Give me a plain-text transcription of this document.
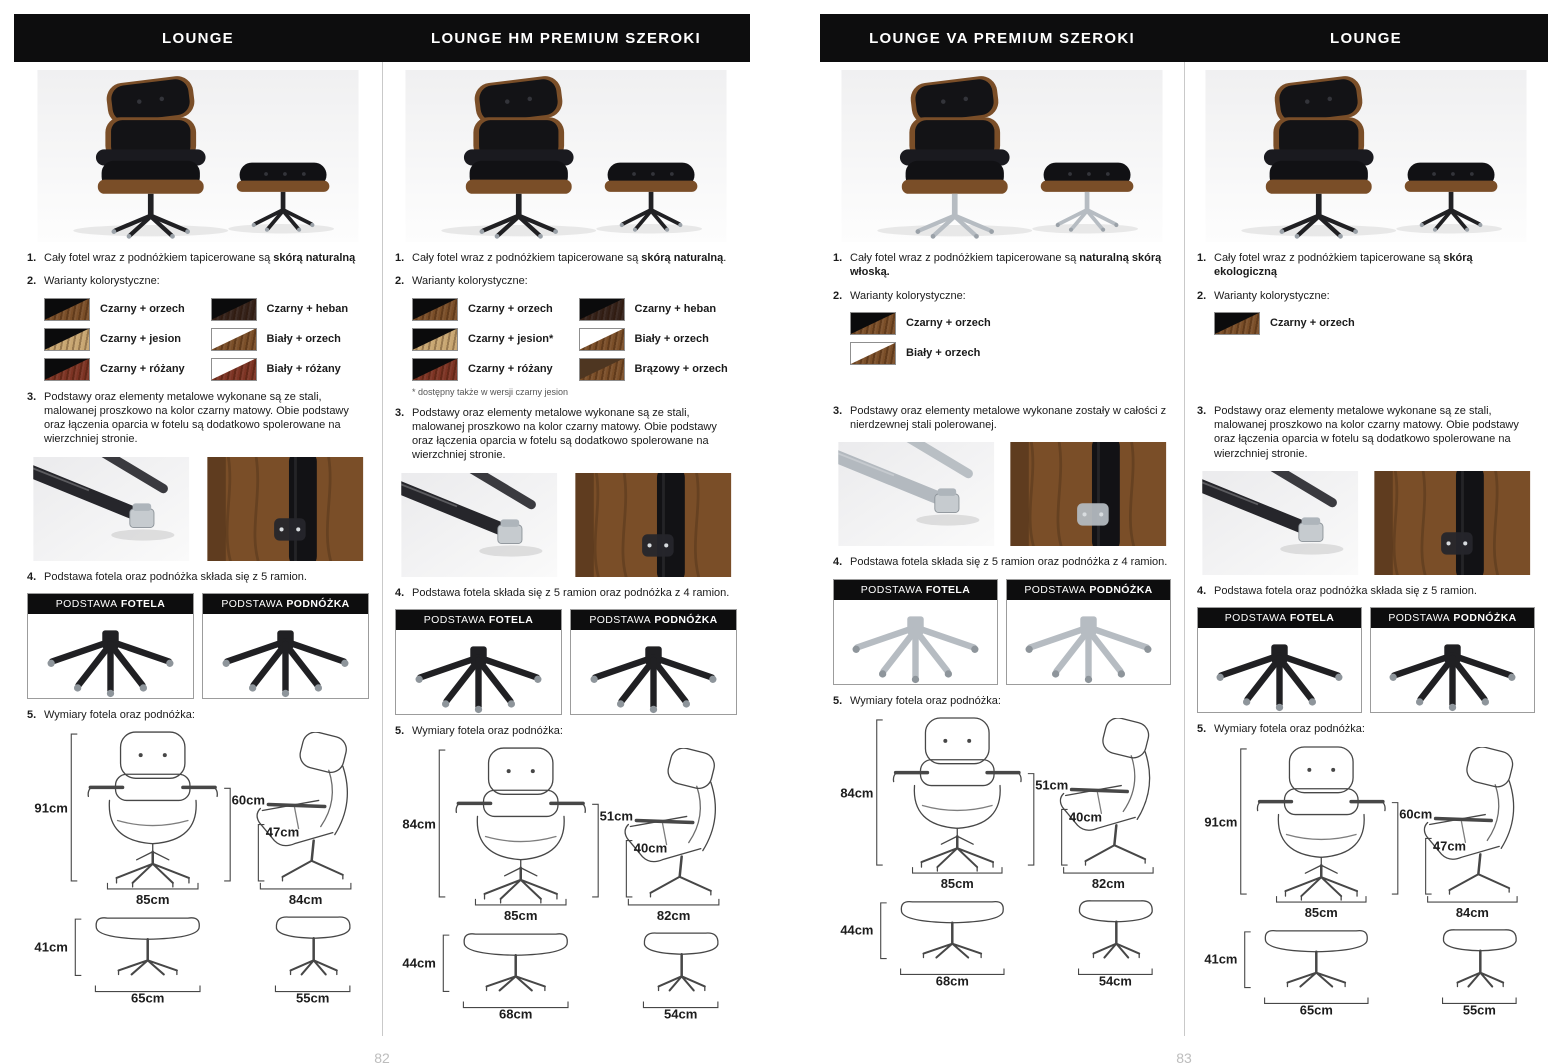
LOUNGE	LOUNGE HM PREMIUM SZEROKI
1. Cały fotel wraz z podnóżkiem tapicerowane są skórą naturalną
2. Warianty kolorystyczne:
Czarny + orzech	Czarny + heban
Czarny + jesion	Biały + orzech
Czarny + różany	Biały + różany
3. Podstawy oraz elementy metalowe wykonane są ze stali, malowanej proszkowo na kolor czarny matowy. Obie podstawy oraz łączenia oparcia w fotelu są dodatkowo spolerowane na wierzchniej stronie.
4. Podstawa fotela oraz podnóżka składa się z 5 ramion.
PODSTAWA FOTELA	PODSTAWA PODNÓŻKA
5. Wymiary fotela oraz podnóżka:
91cm
85cm
60cm
47cm
84cm
41cm
65cm	55cm
1. Cały fotel wraz z podnóżkiem tapicerowane są skórą naturalną.
2. Warianty kolorystyczne:
Czarny + orzech	Czarny + heban
Czarny + jesion*	Biały + orzech
Czarny + różany	Brązowy + orzech
* dostępny także w wersji czarny jesion
3. Podstawy oraz elementy metalowe wykonane są ze stali, malowanej proszkowo na kolor czarny matowy. Obie podstawy oraz łączenia oparcia w fotelu są dodatkowo spolerowane na wierzchniej stronie.
4. Podstawa fotela składa się z 5 ramion oraz podnóżka z 4 ramion.
PODSTAWA FOTELA	PODSTAWA PODNÓŻKA
5. Wymiary fotela oraz podnóżka:
84cm
85cm
51cm
40cm
82cm
44cm
68cm	54cm
82
LOUNGE VA PREMIUM SZEROKI	LOUNGE
1. Cały fotel wraz z podnóżkiem tapicerowane są naturalną skórą włoską.
2. Warianty kolorystyczne:
Czarny + orzech
Biały + orzech
3. Podstawy oraz elementy metalowe wykonane zostały w całości z nierdzewnej stali polerowanej.
4. Podstawa fotela składa się z 5 ramion oraz podnóżka z 4 ramion.
PODSTAWA FOTELA	PODSTAWA PODNÓŻKA
5. Wymiary fotela oraz podnóżka:
84cm
85cm
51cm
40cm
82cm
44cm
68cm	54cm
1. Cały fotel wraz z podnóżkiem tapicerowane są skórą ekologiczną
2. Warianty kolorystyczne:
Czarny + orzech
3. Podstawy oraz elementy metalowe wykonane są ze stali, malowanej proszkowo na kolor czarny matowy. Obie podstawy oraz łączenia oparcia w fotelu są dodatkowo spolerowane na wierzchniej stronie.
4. Podstawa fotela oraz podnóżka składa się z 5 ramion.
PODSTAWA FOTELA	PODSTAWA PODNÓŻKA
5. Wymiary fotela oraz podnóżka:
91cm
85cm
60cm
47cm
84cm
41cm
65cm	55cm
83
